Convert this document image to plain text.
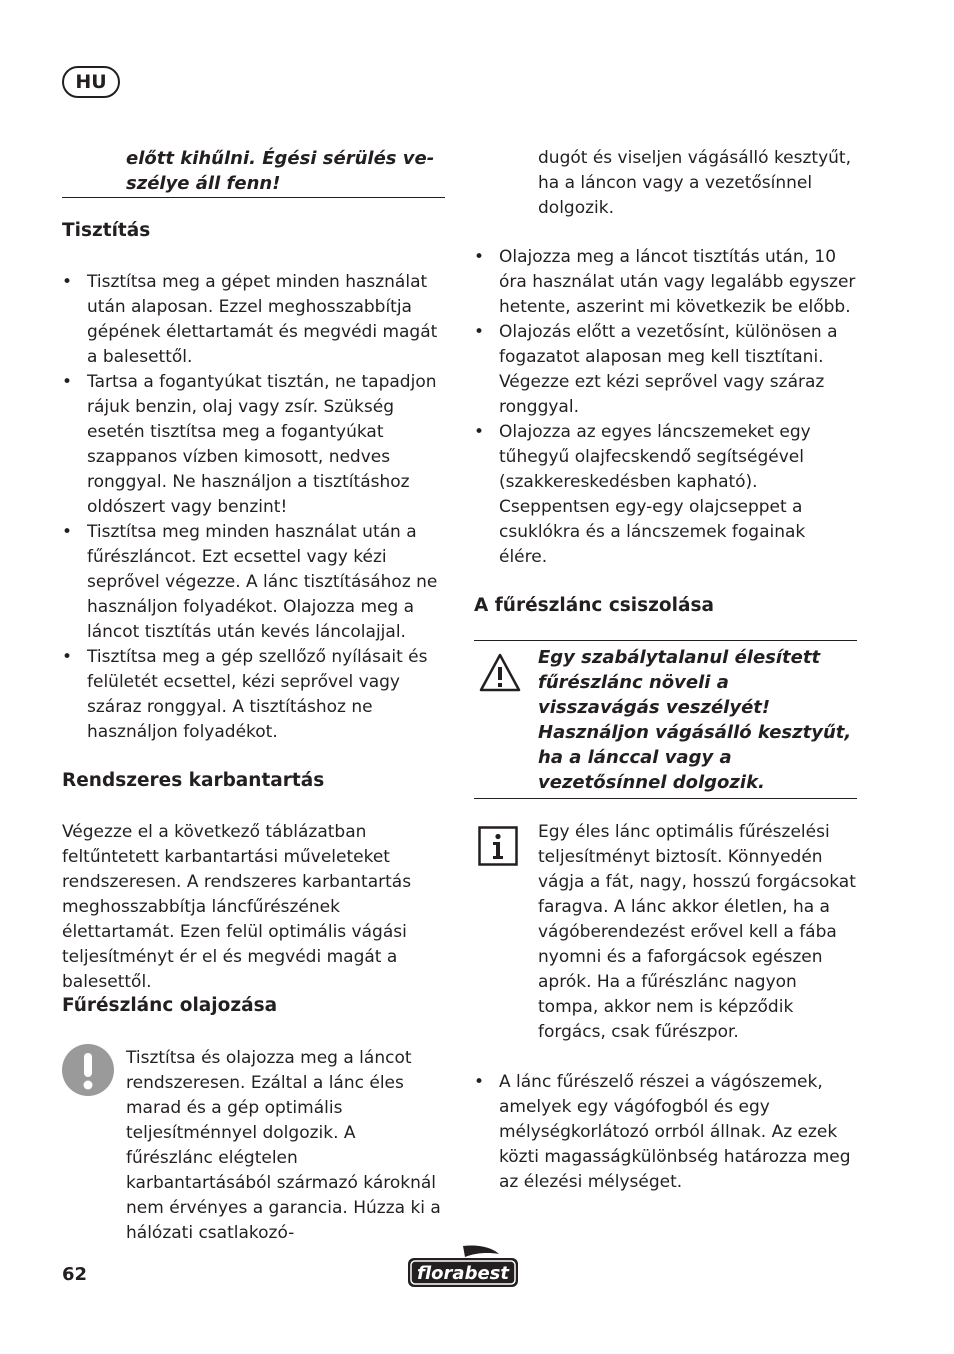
HU

előtt kihűlni. Égési sérülés ve-
szélye áll fenn!

Tisztítás
• Tisztítsa meg a gépet minden használat után alaposan. Ezzel meghosszabbítja gépének élettartamát és megvédi magát a balesettől.
• Tartsa a fogantyúkat tisztán, ne tapadjon rájuk benzin, olaj vagy zsír. Szükség esetén tisztítsa meg a fogantyúkat szappanos vízben kimosott, nedves ronggyal. Ne használjon a tisztításhoz oldószert vagy benzint!
• Tisztítsa meg minden használat után a fűrészláncot. Ezt ecsettel vagy kézi seprővel végezze. A lánc tisztításához ne használjon folyadékot. Olajozza meg a láncot tisztítás után kevés láncolajjal.
• Tisztítsa meg a gép szellőző nyílásait és felületét ecsettel, kézi seprővel vagy száraz ronggyal. A tisztításhoz ne használjon folyadékot.
Rendszeres karbantartás

Végezze el a következő táblázatban feltűntetett karbantartási műveleteket rendszeresen. A rendszeres karbantartás meghosszabbítja láncfűrészének élettartamát. Ezen felül optimális vágási teljesítményt ér el és megvédi magát a balesettől.

Fűrészlánc olajozása

Tisztítsa és olajozza meg a láncot rendszeresen. Ezáltal a lánc éles marad és a gép optimális teljesítménnyel dolgozik. A fűrészlánc elégtelen karbantartásából származó károknál nem érvényes a garancia. Húzza ki a hálózati csatlakozó-

dugót és viseljen vágásálló kesztyűt, ha a láncon vagy a vezetősínnel dolgozik.

• Olajozza meg a láncot tisztítás után, 10 óra használat után vagy legalább egyszer hetente, aszerint mi következik be előbb.
• Olajozás előtt a vezetősínt, különösen a fogazatot alaposan meg kell tisztítani. Végezze ezt kézi seprővel vagy száraz ronggyal.
• Olajozza az egyes láncszemeket egy tűhegyű olajfecskendő segítségével (szakkereskedésben kapható). Cseppentsen egy-egy olajcseppet a csuklókra és a láncszemek fogainak élére.
A fűrészlánc csiszolása

Egy szabálytalanul élesített fűrészlánc növeli a visszavágás veszélyét! Használjon vágásálló kesztyűt, ha a lánccal vagy a vezetősínnel dolgozik.

Egy éles lánc optimális fűrészelési teljesítményt biztosít. Könnyedén vágja a fát, nagy, hosszú forgácsokat faragva. A lánc akkor életlen, ha a vágóberendezést erővel kell a fába nyomni és a faforgácsok egészen aprók. Ha a fűrészlánc nagyon tompa, akkor nem is képződik forgács, csak fűrészpor.

• A lánc fűrészelő részei a vágószemek, amelyek egy vágófogból és egy mélységkorlátozó orrból állnak. Az ezek közti magasságkülönbség határozza meg az élezési mélységet.
62	florabest
